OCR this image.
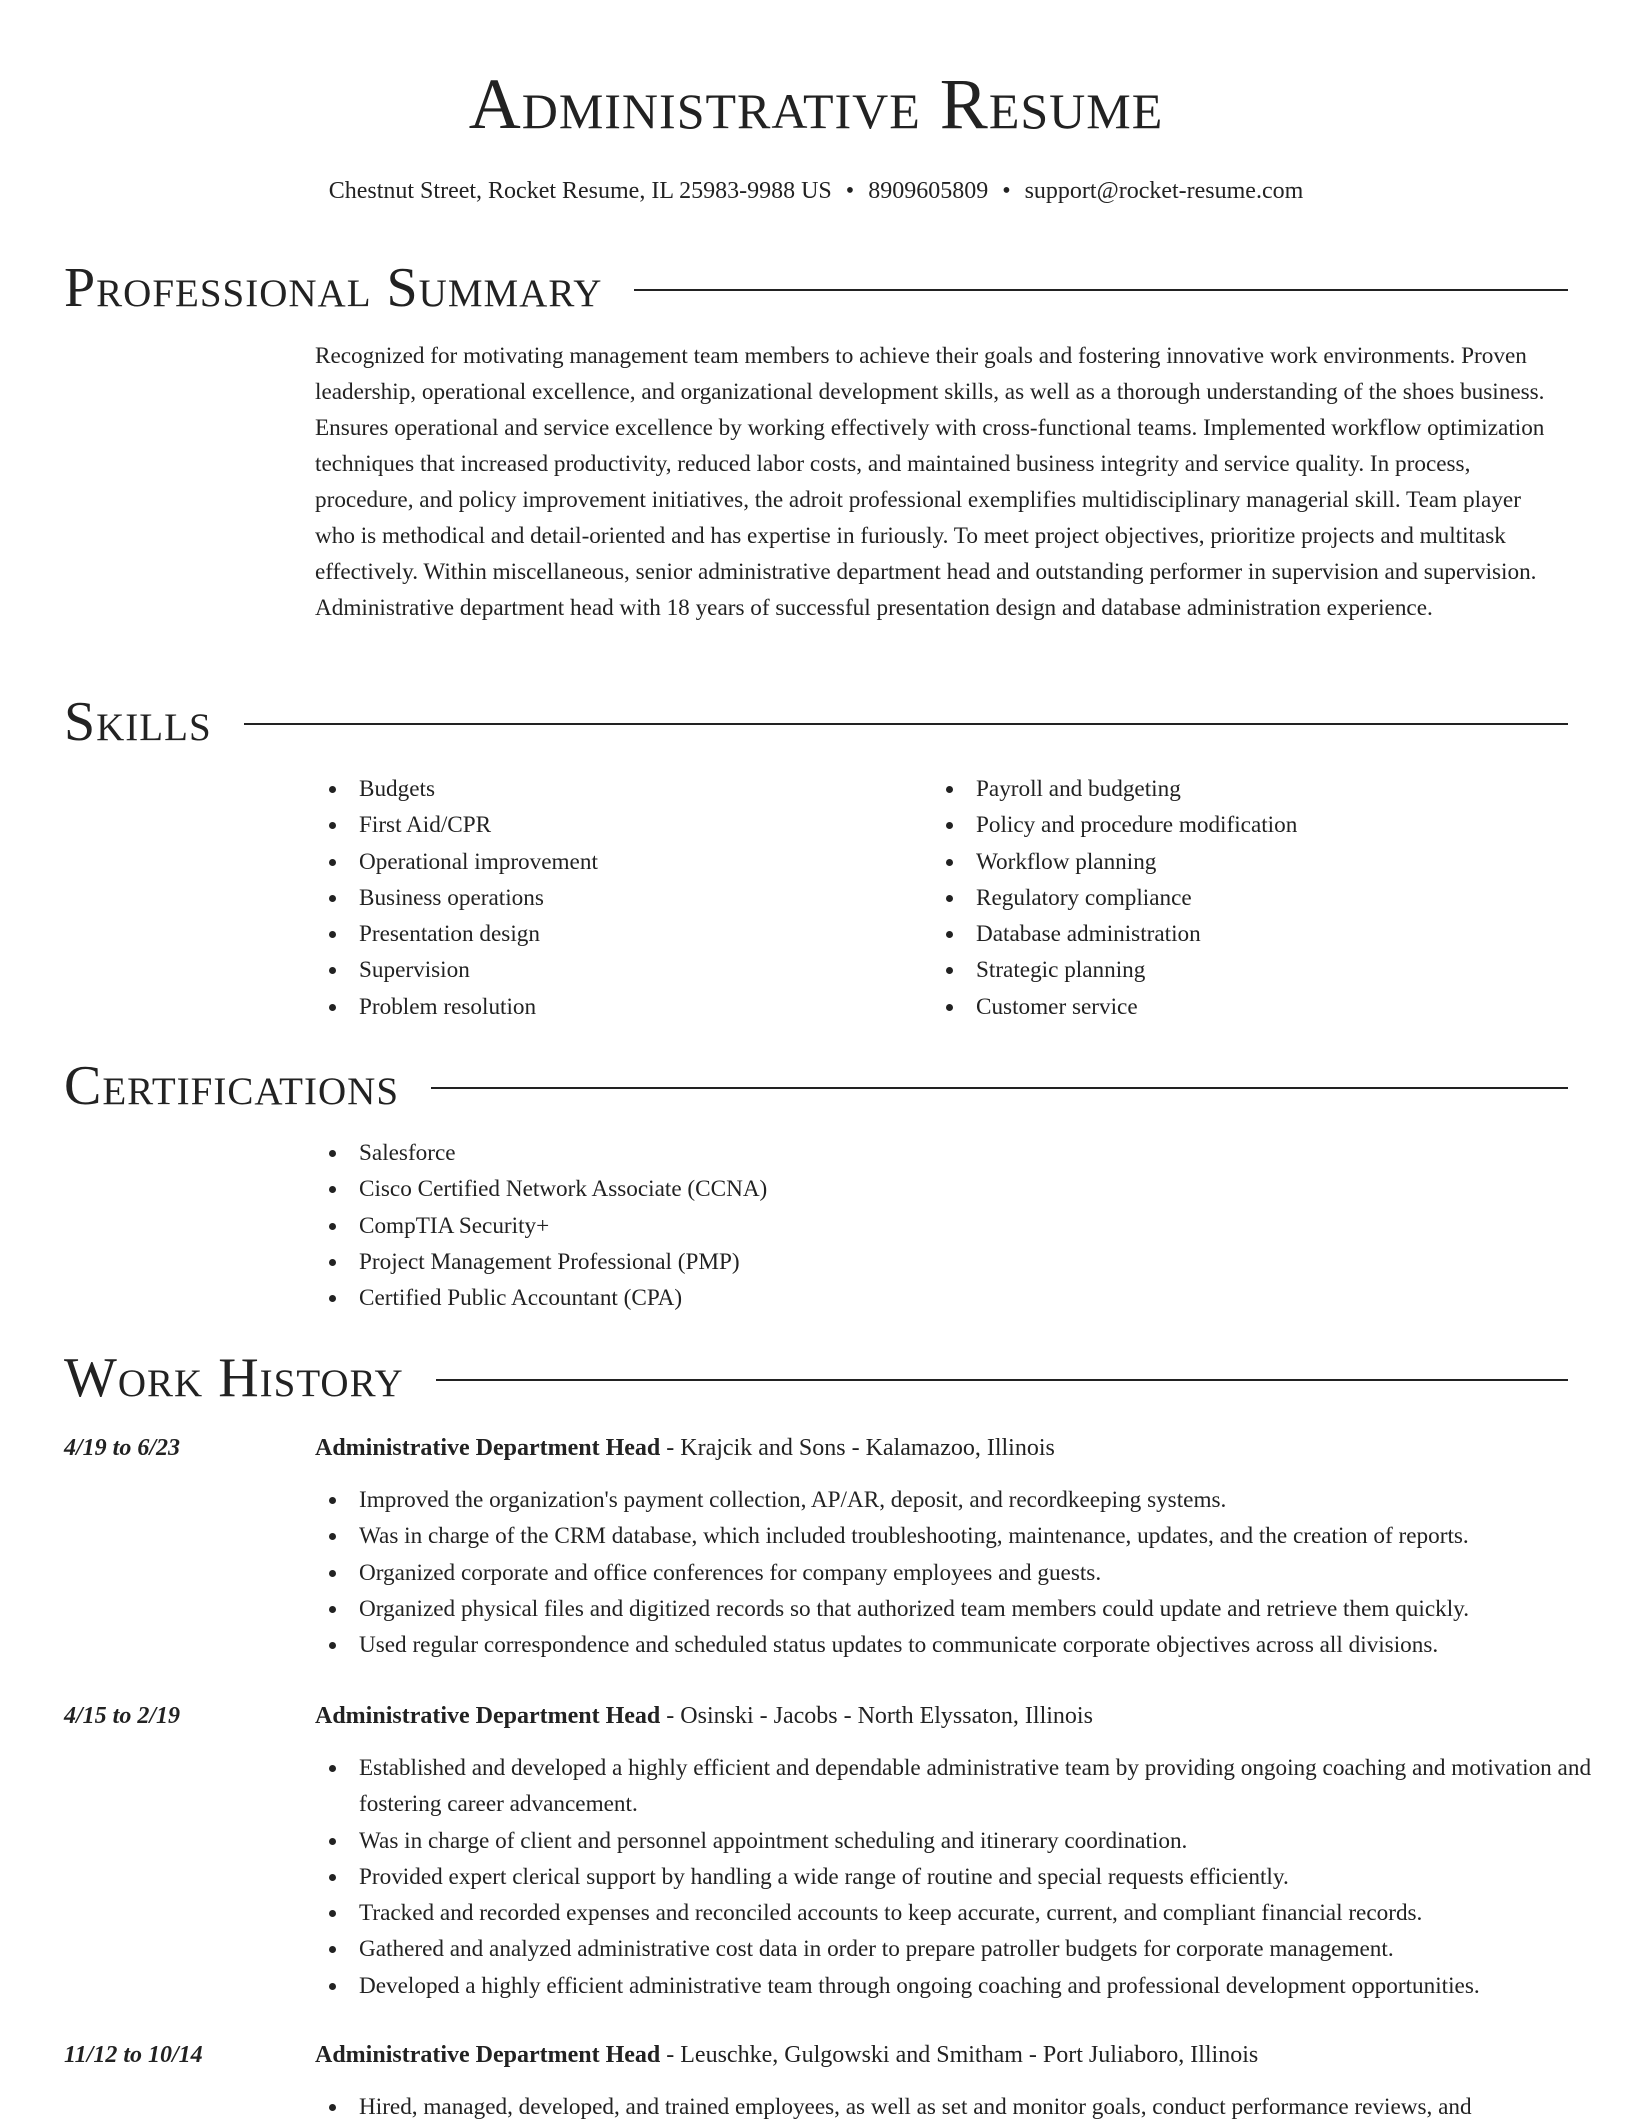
Administrative Resume
Chestnut Street, Rocket Resume, IL 25983-9988 US • 8909605809 • support@rocket-resume.com
Professional Summary

Recognized for motivating management team members to achieve their goals and fostering innovative work environments. Proven leadership, operational excellence, and organizational development skills, as well as a thorough understanding of the shoes business. Ensures operational and service excellence by working effectively with cross-functional teams. Implemented workflow optimization techniques that increased productivity, reduced labor costs, and maintained business integrity and service quality. In process, procedure, and policy improvement initiatives, the adroit professional exemplifies multidisciplinary managerial skill. Team player who is methodical and detail-oriented and has expertise in furiously. To meet project objectives, prioritize projects and multitask effectively. Within miscellaneous, senior administrative department head and outstanding performer in supervision and supervision. Administrative department head with 18 years of successful presentation design and database administration experience.

Skills
Budgets
First Aid/CPR
Operational improvement
Business operations
Presentation design
Supervision
Problem resolution
Payroll and budgeting
Policy and procedure modification
Workflow planning
Regulatory compliance
Database administration
Strategic planning
Customer service
Certifications
Salesforce
Cisco Certified Network Associate (CCNA)
CompTIA Security+
Project Management Professional (PMP)
Certified Public Accountant (CPA)
Work History
4/19 to 6/23	Administrative Department Head - Krajcik and Sons - Kalamazoo, Illinois
Improved the organization's payment collection, AP/AR, deposit, and recordkeeping systems.
Was in charge of the CRM database, which included troubleshooting, maintenance, updates, and the creation of reports.
Organized corporate and office conferences for company employees and guests.
Organized physical files and digitized records so that authorized team members could update and retrieve them quickly.
Used regular correspondence and scheduled status updates to communicate corporate objectives across all divisions.
4/15 to 2/19	Administrative Department Head - Osinski - Jacobs - North Elyssaton, Illinois
Established and developed a highly efficient and dependable administrative team by providing ongoing coaching and motivation and fostering career advancement.
Was in charge of client and personnel appointment scheduling and itinerary coordination.
Provided expert clerical support by handling a wide range of routine and special requests efficiently.
Tracked and recorded expenses and reconciled accounts to keep accurate, current, and compliant financial records.
Gathered and analyzed administrative cost data in order to prepare patroller budgets for corporate management.
Developed a highly efficient administrative team through ongoing coaching and professional development opportunities.
11/12 to 10/14	Administrative Department Head - Leuschke, Gulgowski and Smitham - Port Juliaboro, Illinois
Hired, managed, developed, and trained employees, as well as set and monitor goals, conduct performance reviews, and
